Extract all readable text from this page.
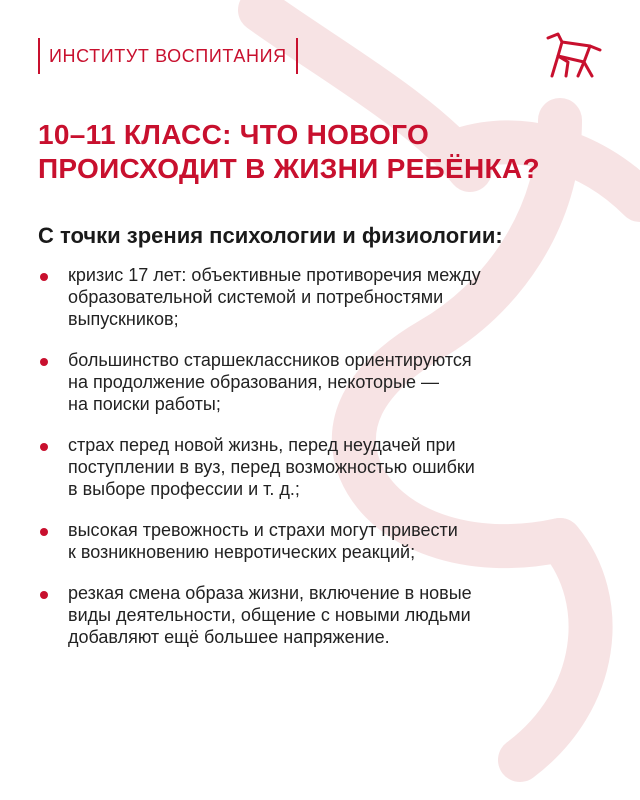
ИНСТИТУТ ВОСПИТАНИЯ
10–11 КЛАСС: ЧТО НОВОГО
ПРОИСХОДИТ В ЖИЗНИ РЕБЁНКА?
С точки зрения психологии и физиологии:
кризис 17 лет: объективные противоречия между
образовательной системой и потребностями
выпускников;
большинство старшеклассников ориентируются
на продолжение образования, некоторые —
на поиски работы;
страх перед новой жизнь, перед неудачей при
поступлении в вуз, перед возможностью ошибки
в выборе профессии и т. д.;
высокая тревожность и страхи могут привести
к возникновению невротических реакций;
резкая смена образа жизни, включение в новые
виды деятельности, общение с новыми людьми
добавляют ещё большее напряжение.
